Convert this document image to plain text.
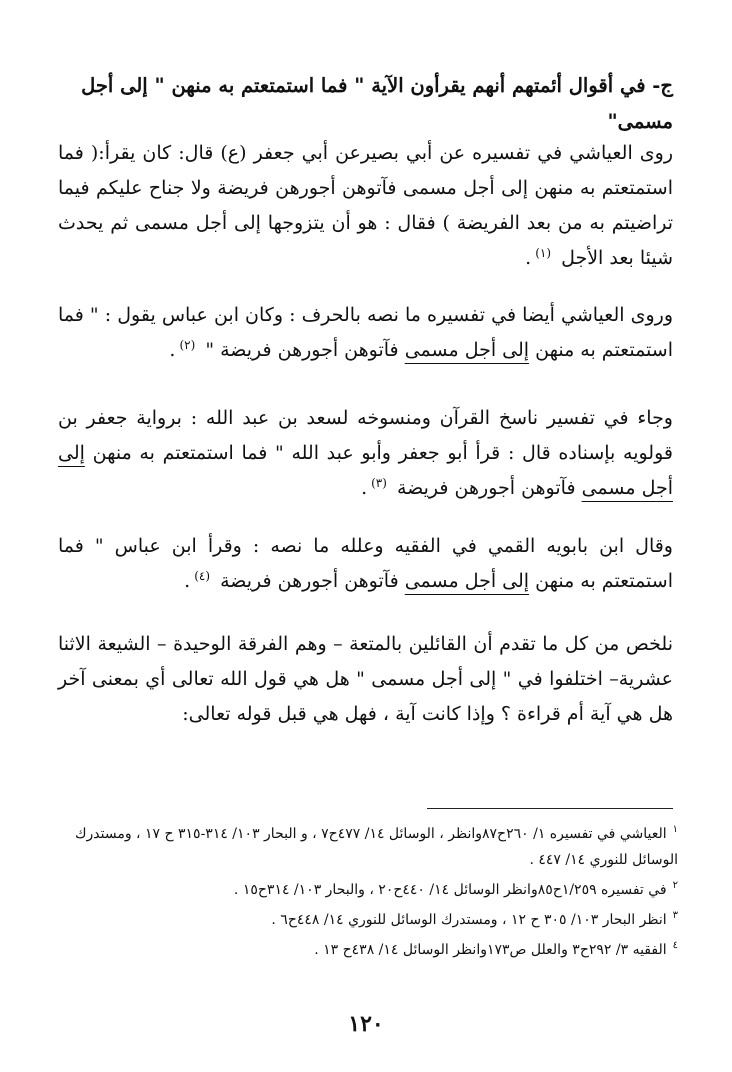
ج- في أقوال أئمتهم أنهم يقرأون الآية " فما استمتعتم به منهن " إلى أجل مسمى"
روى العياشي في تفسيره عن أبي بصيرعن أبي جعفر (ع) قال: كان يقرأ:( فما استمتعتم به منهن إلى أجل مسمى فآتوهن أجورهن فريضة ولا جناح عليكم فيما تراضيتم به من بعد الفريضة ) فقال : هو أن يتزوجها إلى أجل مسمى ثم يحدث شيئا بعد الأجل $^{(١)}$.
وروى العياشي أيضا في تفسيره ما نصه بالحرف : وكان ابن عباس يقول : " فما استمتعتم به منهن إلى أجل مسمى فآتوهن أجورهن فريضة " $^{(٢)}$.
وجاء في تفسير ناسخ القرآن ومنسوخه لسعد بن عبد الله : برواية جعفر بن قولويه بإسناده قال : قرأ أبو جعفر وأبو عبد الله " فما استمتعتم به منهن إلى أجل مسمى فآتوهن أجورهن فريضة $^{(٣)}$.
وقال ابن بابويه القمي في الفقيه وعلله ما نصه : وقرأ ابن عباس " فما استمتعتم به منهن إلى أجل مسمى فآتوهن أجورهن فريضة $^{(٤)}$.
نلخص من كل ما تقدم أن القائلين بالمتعة – وهم الفرقة الوحيدة – الشيعة الاثنا عشرية– اختلفوا في " إلى أجل مسمى " هل هي قول الله تعالى أي بمعنى آخر هل هي آية أم قراءة ؟ وإذا كانت آية ، فهل هي قبل قوله تعالى:
$^١$العياشي في تفسيره ١/ ٢٦٠ح٨٧وانظر ، الوسائل ١٤/ ٤٧٧ح٧ ، و البحار ١٠٣/ ٣١٤-٣١٥ ح ١٧ ، ومستدرك الوسائل للنوري ١٤/ ٤٤٧ .
$^٢$في تفسيره ١/٢٥٩ح٨٥وانظر الوسائل ١٤/ ٤٤٠ح٢٠ ، والبحار ١٠٣/ ٣١٤ح١٥ .
$^٣$انظر البحار ١٠٣/ ٣٠٥ ح ١٢ ، ومستدرك الوسائل للنوري ١٤/ ٤٤٨ح٦ .
$^٤$الفقيه ٣/ ٢٩٢ح٣ والعلل ص١٧٣وانظر الوسائل ١٤/ ٤٣٨ح ١٣ .
١٢٠
